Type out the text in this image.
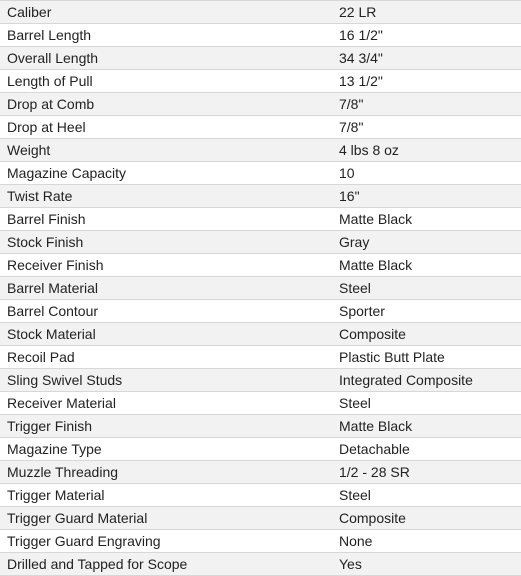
Caliber	22 LR
Barrel Length	16 1/2"
Overall Length	34 3/4"
Length of Pull	13 1/2"
Drop at Comb	7/8"
Drop at Heel	7/8"
Weight	4 lbs 8 oz
Magazine Capacity	10
Twist Rate	16"
Barrel Finish	Matte Black
Stock Finish	Gray
Receiver Finish	Matte Black
Barrel Material	Steel
Barrel Contour	Sporter
Stock Material	Composite
Recoil Pad	Plastic Butt Plate
Sling Swivel Studs	Integrated Composite
Receiver Material	Steel
Trigger Finish	Matte Black
Magazine Type	Detachable
Muzzle Threading	1/2 - 28 SR
Trigger Material	Steel
Trigger Guard Material	Composite
Trigger Guard Engraving	None
Drilled and Tapped for Scope	Yes
